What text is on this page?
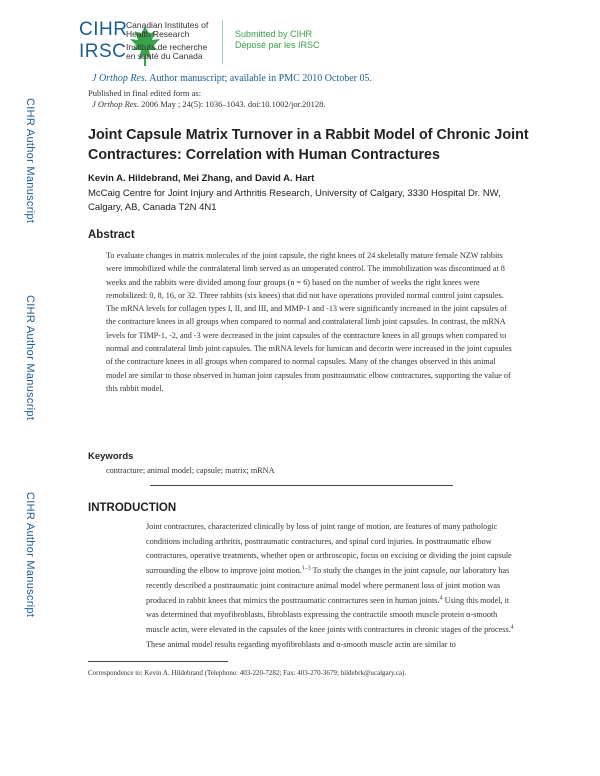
CIHR
IRSC
Canadian Institutes of Health Research
Instituts de recherche en santé du Canada
Submitted by CIHR
Déposé par les IRSC
J Orthop Res. Author manuscript; available in PMC 2010 October 05.
Published in final edited form as:
J Orthop Res. 2006 May ; 24(5): 1036–1043. doi:10.1002/jor.20128.
CIHR Author Manuscript
CIHR Author Manuscript
CIHR Author Manuscript
Joint Capsule Matrix Turnover in a Rabbit Model of Chronic Joint Contractures: Correlation with Human Contractures
Kevin A. Hildebrand, Mei Zhang, and David A. Hart
McCaig Centre for Joint Injury and Arthritis Research, University of Calgary, 3330 Hospital Dr. NW, Calgary, AB, Canada T2N 4N1
Abstract
To evaluate changes in matrix molecules of the joint capsule, the right knees of 24 skeletally mature female NZW rabbits were immobilized while the contralateral limb served as an unoperated control. The immobilization was discontinued at 8 weeks and the rabbits were divided among four groups (n = 6) based on the number of weeks the right knees were remobilized: 0, 8, 16, or 32. Three rabbits (six knees) that did not have operations provided normal control joint capsules. The mRNA levels for collagen types I, II, and III, and MMP-1 and -13 were significantly increased in the joint capsules of the contracture knees in all groups when compared to normal and contralateral limb joint capsules. In contrast, the mRNA levels for TIMP-1, -2, and -3 were decreased in the joint capsules of the contracture knees in all groups when compared to normal and contralateral limb joint capsules. The mRNA levels for lumican and decorin were increased in the joint capsules of the contracture knees in all groups when compared to normal capsules. Many of the changes observed in this animal model are similar to those observed in human joint capsules from posttraumatic elbow contractures, supporting the value of this rabbit model.
Keywords
contracture; animal model; capsule; matrix; mRNA
INTRODUCTION
Joint contractures, characterized clinically by loss of joint range of motion, are features of many pathologic conditions including arthritis, posttraumatic contractures, and spinal cord injuries. In posttraumatic elbow contractures, operative treatments, whether open or arthroscopic, focus on excising or dividing the joint capsule surrounding the elbow to improve joint motion.$^{1-3}$ To study the changes in the joint capsule, our laboratory has recently described a posttraumatic joint contracture animal model where permanent loss of joint motion was produced in rabbit knees that mimics the posttraumatic contractures seen in human joints.$^4$ Using this model, it was determined that myofibroblasts, fibroblasts expressing the contractile smooth muscle protein α-smooth muscle actin, were elevated in the capsules of the knee joints with contractures in chronic stages of the process.$^4$ These animal model results regarding myofibroblasts and α-smooth muscle actin are similar to
Correspondence to: Kevin A. Hildebrand (Telephone: 403-220-7282; Fax: 403-270-3679; hildebrk@ucalgary.ca).
